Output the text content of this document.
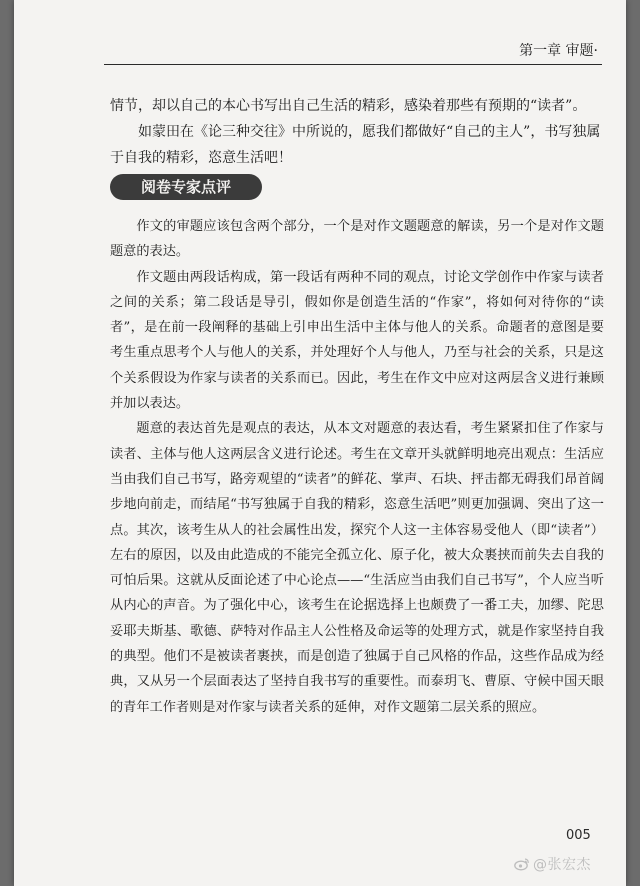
第一章 审题·

情节，却以自己的本心书写出自己生活的精彩，感染着那些有预期的“读者”。

如蒙田在《论三种交往》中所说的，愿我们都做好“自己的主人”，书写独属于自我的精彩，恣意生活吧！

阅卷专家点评

作文的审题应该包含两个部分，一个是对作文题题意的解读，另一个是对作文题题意的表达。

作文题由两段话构成，第一段话有两种不同的观点，讨论文学创作中作家与读者之间的关系；第二段话是导引，假如你是创造生活的“作家”，将如何对待你的“读者”，是在前一段阐释的基础上引申出生活中主体与他人的关系。命题者的意图是要考生重点思考个人与他人的关系，并处理好个人与他人，乃至与社会的关系，只是这个关系假设为作家与读者的关系而已。因此，考生在作文中应对这两层含义进行兼顾并加以表达。

题意的表达首先是观点的表达，从本文对题意的表达看，考生紧紧扣住了作家与读者、主体与他人这两层含义进行论述。考生在文章开头就鲜明地亮出观点：生活应当由我们自己书写，路旁观望的“读者”的鲜花、掌声、石块、抨击都无碍我们昂首阔步地向前走，而结尾“书写独属于自我的精彩，恣意生活吧”则更加强调、突出了这一点。其次，该考生从人的社会属性出发，探究个人这一主体容易受他人（即“读者”）左右的原因，以及由此造成的不能完全孤立化、原子化，被大众裹挟而前失去自我的可怕后果。这就从反面论述了中心论点——“生活应当由我们自己书写”，个人应当听从内心的声音。为了强化中心，该考生在论据选择上也颇费了一番工夫，加缪、陀思妥耶夫斯基、歌德、萨特对作品主人公性格及命运等的处理方式，就是作家坚持自我的典型。他们不是被读者裹挟，而是创造了独属于自己风格的作品，这些作品成为经典，又从另一个层面表达了坚持自我书写的重要性。而泰玥飞、曹原、守候中国天眼的青年工作者则是对作家与读者关系的延伸，对作文题第二层关系的照应。

005
@张宏杰
